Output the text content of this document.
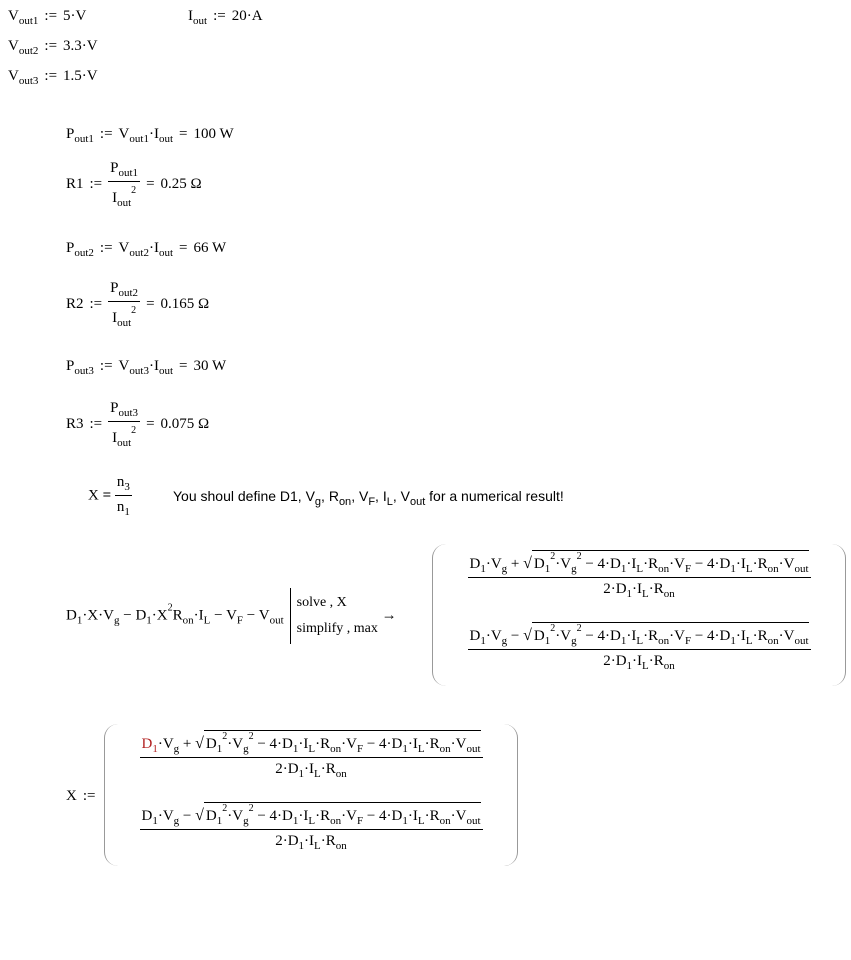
$V_{out1}$ := 5·V
$V_{out2}$ := 3.3·V
$V_{out3}$ := 1.5·V
$I_{out}$ := 20·A
$P_{out1}$ := $V_{out1}\cdot I_{out} = 100$ W
R1 := $\frac{P_{out1}}{I_{out}^2} = 0.25$ Ω
$P_{out2}$ := $V_{out2}\cdot I_{out} = 66$ W
R2 := $\frac{P_{out2}}{I_{out}^2} = 0.165$ Ω
$P_{out3}$ := $V_{out3}\cdot I_{out} = 30$ W
R3 := $\frac{P_{out3}}{I_{out}^2} = 0.075$ Ω
$X = \frac{n_3}{n_1}$	You shoul define D1, $V_g$, $R_{on}$, $V_F$, $I_L$, $V_{out}$ for a numerical result!
$D_1\cdot X\cdot V_g - D_1\cdot X^2R_{on}\cdot I_L - V_F$ − $V_{out}solve$ , X
simplify , max →
$\frac{D_1\cdot V_g + √ D_1^2\cdot V_g^2 - 4\cdot D_1\cdot I_L\cdot R_{on}\cdot V_F - 4\cdot D_1\cdot I_L\cdot R_{on}\cdot V_{out}}{2\cdot D_1\cdot I_L\cdot R_{on}}$
$\frac{D_1\cdot V_g - √ D_1^2\cdot V_g^2 - 4\cdot D_1\cdot I_L\cdot R_{on}\cdot V_F - 4\cdot D_1\cdot I_L\cdot R_{on}\cdot V_{out}}{2\cdot D_1\cdot I_L\cdot R_{on}}$
X :=
$\frac{D_1\cdot V_g + √ D_1^2\cdot V_g^2 - 4\cdot D_1\cdot I_L\cdot R_{on}\cdot V_F - 4\cdot D_1\cdot I_L\cdot R_{on}\cdot V_{out}}{2\cdot D_1\cdot I_L\cdot R_{on}}$
$\frac{D_1\cdot V_g - √ D_1^2\cdot V_g^2 - 4\cdot D_1\cdot I_L\cdot R_{on}\cdot V_F - 4\cdot D_1\cdot I_L\cdot R_{on}\cdot V_{out}}{2\cdot D_1\cdot I_L\cdot R_{on}}$
